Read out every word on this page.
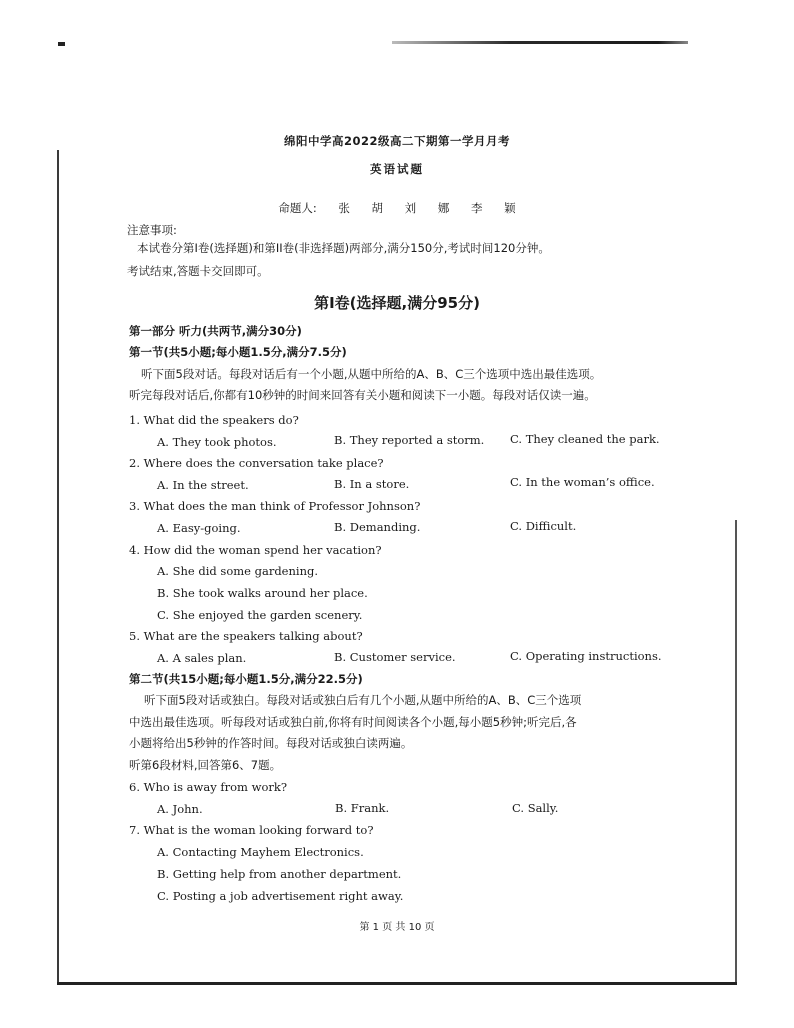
绵阳中学高2022级高二下期第一学月月考
英语试题
命题人: 张 胡 刘 娜 李 颖
注意事项:
本试卷分第I卷(选择题)和第II卷(非选择题)两部分,满分150分,考试时间120分钟。
考试结束,答题卡交回即可。
第I卷(选择题,满分95分)
第一部分 听力(共两节,满分30分)
第一节(共5小题;每小题1.5分,满分7.5分)
听下面5段对话。每段对话后有一个小题,从题中所给的A、B、C三个选项中选出最佳选项。
听完每段对话后,你都有10秒钟的时间来回答有关小题和阅读下一小题。每段对话仅读一遍。
1. What did the speakers do?
A. They took photos.	B. They reported a storm. C. They cleaned the park.
2. Where does the conversation take place?
A. In the street.	B. In a store.	C. In the woman’s office.
3. What does the man think of Professor Johnson?
A. Easy-going.	B. Demanding.	C. Difficult.
4. How did the woman spend her vacation?
A. She did some gardening.
B. She took walks around her place.
C. She enjoyed the garden scenery.
5. What are the speakers talking about?
A. A sales plan.	B. Customer service.	C. Operating instructions.
第二节(共15小题;每小题1.5分,满分22.5分)
听下面5段对话或独白。每段对话或独白后有几个小题,从题中所给的A、B、C三个选项
中选出最佳选项。听每段对话或独白前,你将有时间阅读各个小题,每小题5秒钟;听完后,各
小题将给出5秒钟的作答时间。每段对话或独白读两遍。
听第6段材料,回答第6、7题。
6. Who is away from work?
A. John.	B. Frank.	C. Sally.
7. What is the woman looking forward to?
A. Contacting Mayhem Electronics.
B. Getting help from another department.
C. Posting a job advertisement right away.
第 1 页 共 10 页
